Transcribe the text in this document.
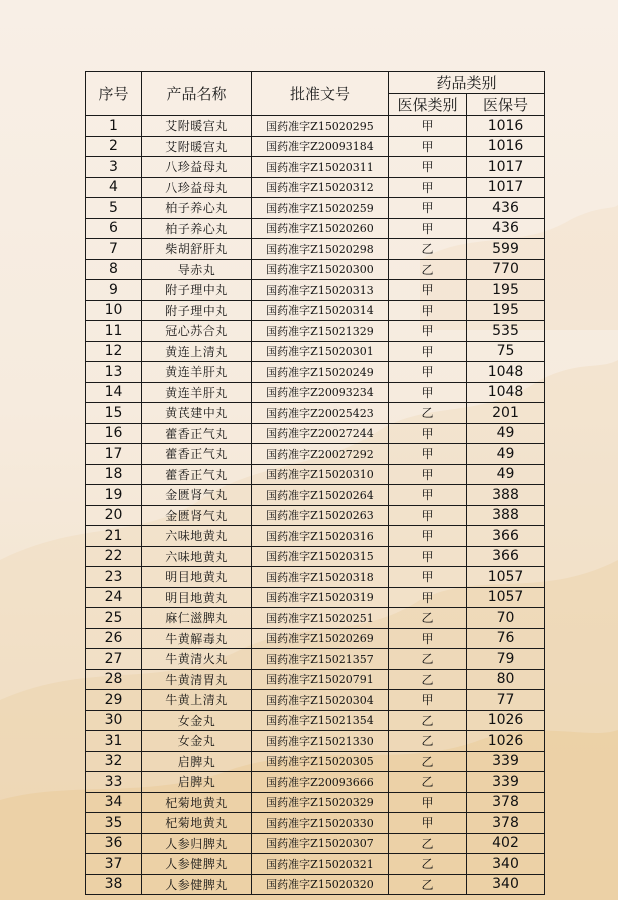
序号	产品名称	批准文号	药品类别	
			医保类别	医保号
1	艾附暖宫丸	国药准字Z15020295	甲	1016
2	艾附暖宫丸	国药准字Z20093184	甲	1016
3	八珍益母丸	国药准字Z15020311	甲	1017
4	八珍益母丸	国药准字Z15020312	甲	1017
5	柏子养心丸	国药准字Z15020259	甲	436
6	柏子养心丸	国药准字Z15020260	甲	436
7	柴胡舒肝丸	国药准字Z15020298	乙	599
8	导赤丸	国药准字Z15020300	乙	770
9	附子理中丸	国药准字Z15020313	甲	195
10	附子理中丸	国药准字Z15020314	甲	195
11	冠心苏合丸	国药准字Z15021329	甲	535
12	黄连上清丸	国药准字Z15020301	甲	75
13	黄连羊肝丸	国药准字Z15020249	甲	1048
14	黄连羊肝丸	国药准字Z20093234	甲	1048
15	黄芪建中丸	国药准字Z20025423	乙	201
16	藿香正气丸	国药准字Z20027244	甲	49
17	藿香正气丸	国药准字Z20027292	甲	49
18	藿香正气丸	国药准字Z15020310	甲	49
19	金匮肾气丸	国药准字Z15020264	甲	388
20	金匮肾气丸	国药准字Z15020263	甲	388
21	六味地黄丸	国药准字Z15020316	甲	366
22	六味地黄丸	国药准字Z15020315	甲	366
23	明目地黄丸	国药准字Z15020318	甲	1057
24	明目地黄丸	国药准字Z15020319	甲	1057
25	麻仁滋脾丸	国药准字Z15020251	乙	70
26	牛黄解毒丸	国药准字Z15020269	甲	76
27	牛黄清火丸	国药准字Z15021357	乙	79
28	牛黄清胃丸	国药准字Z15020791	乙	80
29	牛黄上清丸	国药准字Z15020304	甲	77
30	女金丸	国药准字Z15021354	乙	1026
31	女金丸	国药准字Z15021330	乙	1026
32	启脾丸	国药准字Z15020305	乙	339
33	启脾丸	国药准字Z20093666	乙	339
34	杞菊地黄丸	国药准字Z15020329	甲	378
35	杞菊地黄丸	国药准字Z15020330	甲	378
36	人参归脾丸	国药准字Z15020307	乙	402
37	人参健脾丸	国药准字Z15020321	乙	340
38	人参健脾丸	国药准字Z15020320	乙	340
